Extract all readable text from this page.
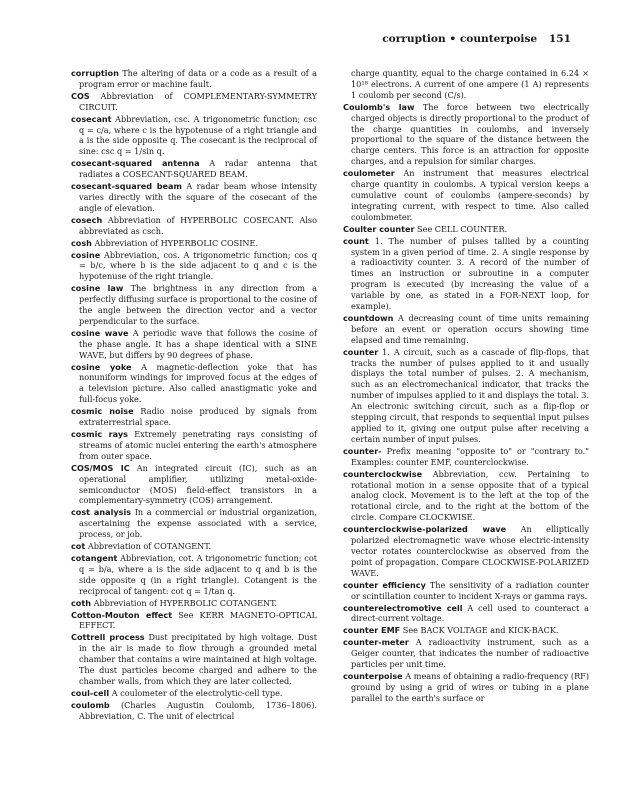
corruption • counterpoise 151

corruption The altering of data or a code as a result of a program error or machine fault.

COS Abbreviation of COMPLEMENTARY-SYMMETRY CIRCUIT.

cosecant Abbreviation, csc. A trigonometric function; csc q = c/a, where c is the hypotenuse of a right triangle and a is the side opposite q. The cosecant is the reciprocal of sine: csc q = 1/sin q.

cosecant-squared antenna A radar antenna that radiates a COSECANT-SQUARED BEAM.

cosecant-squared beam A radar beam whose intensity varies directly with the square of the cosecant of the angle of elevation.

cosech Abbreviation of HYPERBOLIC COSECANT. Also abbreviated as csch.

cosh Abbreviation of HYPERBOLIC COSINE.

cosine Abbreviation, cos. A trigonometric function; cos q = b/c, where b is the side adjacent to q and c is the hypotenuse of the right triangle.

cosine law The brightness in any direction from a perfectly diffusing surface is proportional to the cosine of the angle between the direction vector and a vector perpendicular to the surface.

cosine wave A periodic wave that follows the cosine of the phase angle. It has a shape identical with a SINE WAVE, but differs by 90 degrees of phase.

cosine yoke A magnetic-deflection yoke that has nonuniform windings for improved focus at the edges of a television picture. Also called anastigmatic yoke and full-focus yoke.

cosmic noise Radio noise produced by signals from extraterrestrial space.

cosmic rays Extremely penetrating rays consisting of streams of atomic nuclei entering the earth's atmosphere from outer space.

COS/MOS IC An integrated circuit (IC), such as an operational amplifier, utilizing metal-oxide-semiconductor (MOS) field-effect transistors in a complementary-symmetry (COS) arrangement.

cost analysis In a commercial or industrial organization, ascertaining the expense associated with a service, process, or job.

cot Abbreviation of COTANGENT.

cotangent Abbreviation, cot. A trigonometric function; cot q = b/a, where a is the side adjacent to q and b is the side opposite q (in a right triangle). Cotangent is the reciprocal of tangent: cot q = 1/tan q.

coth Abbreviation of HYPERBOLIC COTANGENT.

Cotton-Mouton effect See KERR MAGNETO-OPTICAL EFFECT.

Cottrell process Dust precipitated by high voltage. Dust in the air is made to flow through a grounded metal chamber that contains a wire maintained at high voltage. The dust particles become charged and adhere to the chamber walls, from which they are later collected.

coul-cell A coulometer of the electrolytic-cell type.

coulomb (Charles Augustin Coulomb, 1736–1806). Abbreviation, C. The unit of electrical

charge quantity, equal to the charge contained in 6.24 × 10¹⁸ electrons. A current of one ampere (1 A) represents 1 coulomb per second (C/s).

Coulomb's law The force between two electrically charged objects is directly proportional to the product of the charge quantities in coulombs, and inversely proportional to the square of the distance between the charge centers. This force is an attraction for opposite charges, and a repulsion for similar charges.

coulometer An instrument that measures electrical charge quantity in coulombs. A typical version keeps a cumulative count of coulombs (ampere-seconds) by integrating current, with respect to time. Also called coulombmeter.

Coulter counter See CELL COUNTER.

count 1. The number of pulses tallied by a counting system in a given period of time. 2. A single response by a radioactivity counter. 3. A record of the number of times an instruction or subroutine in a computer program is executed (by increasing the value of a variable by one, as stated in a FOR-NEXT loop, for example).

countdown A decreasing count of time units remaining before an event or operation occurs showing time elapsed and time remaining.

counter 1. A circuit, such as a cascade of flip-flops, that tracks the number of pulses applied to it and usually displays the total number of pulses. 2. A mechanism, such as an electromechanical indicator, that tracks the number of impulses applied to it and displays the total. 3. An electronic switching circuit, such as a flip-flop or stepping circuit, that responds to sequential input pulses applied to it, giving one output pulse after receiving a certain number of input pulses.

counter- Prefix meaning "opposite to" or "contrary to." Examples: counter EMF, counterclockwise.

counterclockwise Abbreviation, ccw. Pertaining to rotational motion in a sense opposite that of a typical analog clock. Movement is to the left at the top of the rotational circle, and to the right at the bottom of the circle. Compare CLOCKWISE.

counterclockwise-polarized wave An elliptically polarized electromagnetic wave whose electric-intensity vector rotates counterclockwise as observed from the point of propagation. Compare CLOCKWISE-POLARIZED WAVE.

counter efficiency The sensitivity of a radiation counter or scintillation counter to incident X-rays or gamma rays.

counterelectromotive cell A cell used to counteract a direct-current voltage.

counter EMF See BACK VOLTAGE and KICK-BACK.

counter-meter A radioactivity instrument, such as a Geiger counter, that indicates the number of radioactive particles per unit time.

counterpoise A means of obtaining a radio-frequency (RF) ground by using a grid of wires or tubing in a plane parallel to the earth's surface or
